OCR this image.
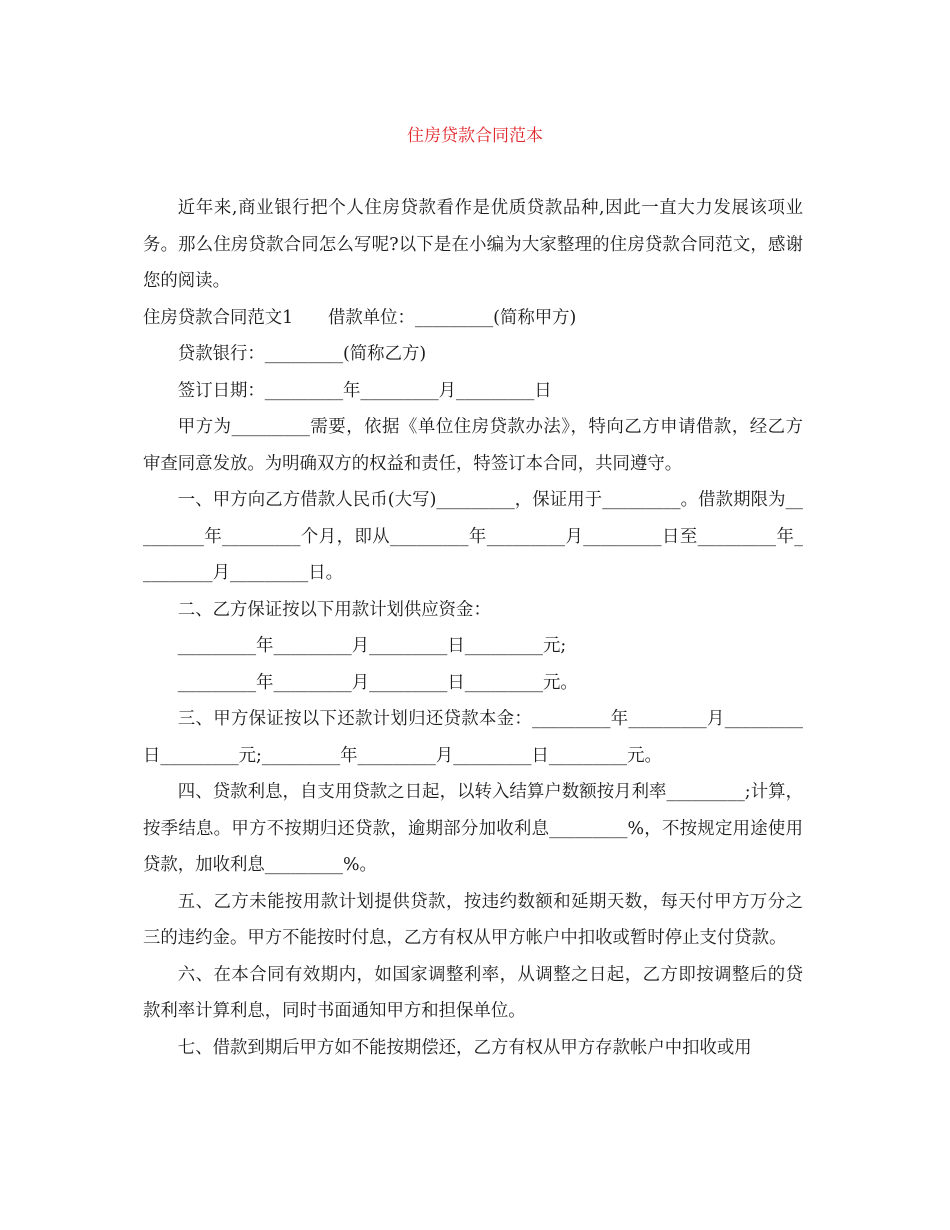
住房贷款合同范本

近年来,商业银行把个人住房贷款看作是优质贷款品种,因此一直大力发展该项业务。那么住房贷款合同怎么写呢?以下是在小编为大家整理的住房贷款合同范文，感谢您的阅读。

住房贷款合同范文1　　借款单位：_________(简称甲方)

贷款银行：_________(简称乙方)

签订日期：_________年_________月_________日

甲方为_________需要，依据《单位住房贷款办法》，特向乙方申请借款，经乙方审查同意发放。为明确双方的权益和责任，特签订本合同，共同遵守。

一、甲方向乙方借款人民币(大写)_________，保证用于_________。借款期限为_________年_________个月，即从_________年_________月_________日至_________年_________月_________日。

二、乙方保证按以下用款计划供应资金：

_________年_________月_________日_________元;

_________年_________月_________日_________元。

三、甲方保证按以下还款计划归还贷款本金：_________年_________月_________日_________元;_________年_________月_________日_________元。

四、贷款利息，自支用贷款之日起，以转入结算户数额按月利率_________;计算，按季结息。甲方不按期归还贷款，逾期部分加收利息_________%，不按规定用途使用贷款，加收利息_________%。

五、乙方未能按用款计划提供贷款，按违约数额和延期天数，每天付甲方万分之三的违约金。甲方不能按时付息，乙方有权从甲方帐户中扣收或暂时停止支付贷款。

六、在本合同有效期内，如国家调整利率，从调整之日起，乙方即按调整后的贷款利率计算利息，同时书面通知甲方和担保单位。

七、借款到期后甲方如不能按期偿还，乙方有权从甲方存款帐户中扣收或用
